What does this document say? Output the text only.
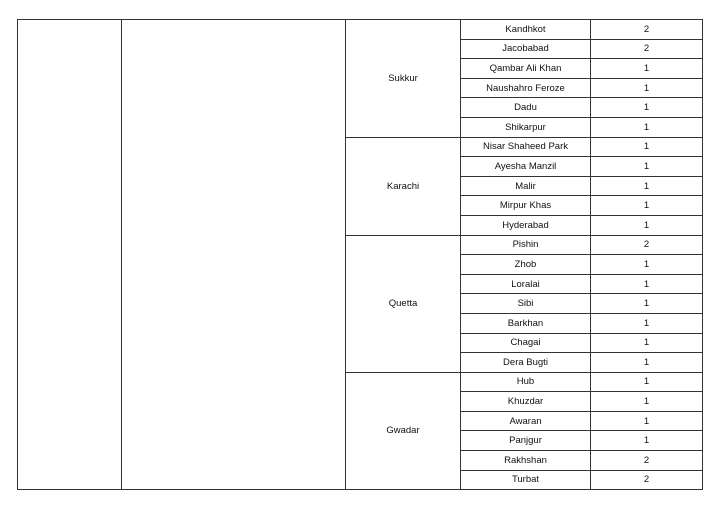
		Sukkur	Kandhkot	2
			Jacobabad	2
			Qambar Ali Khan	1
			Naushahro Feroze	1
			Dadu	1
			Shikarpur	1
		Karachi	Nisar Shaheed Park	1
			Ayesha Manzil	1
			Malir	1
			Mirpur Khas	1
			Hyderabad	1
		Quetta	Pishin	2
			Zhob	1
			Loralai	1
			Sibi	1
			Barkhan	1
			Chagai	1
			Dera Bugti	1
		Gwadar	Hub	1
			Khuzdar	1
			Awaran	1
			Panjgur	1
			Rakhshan	2
			Turbat	2
